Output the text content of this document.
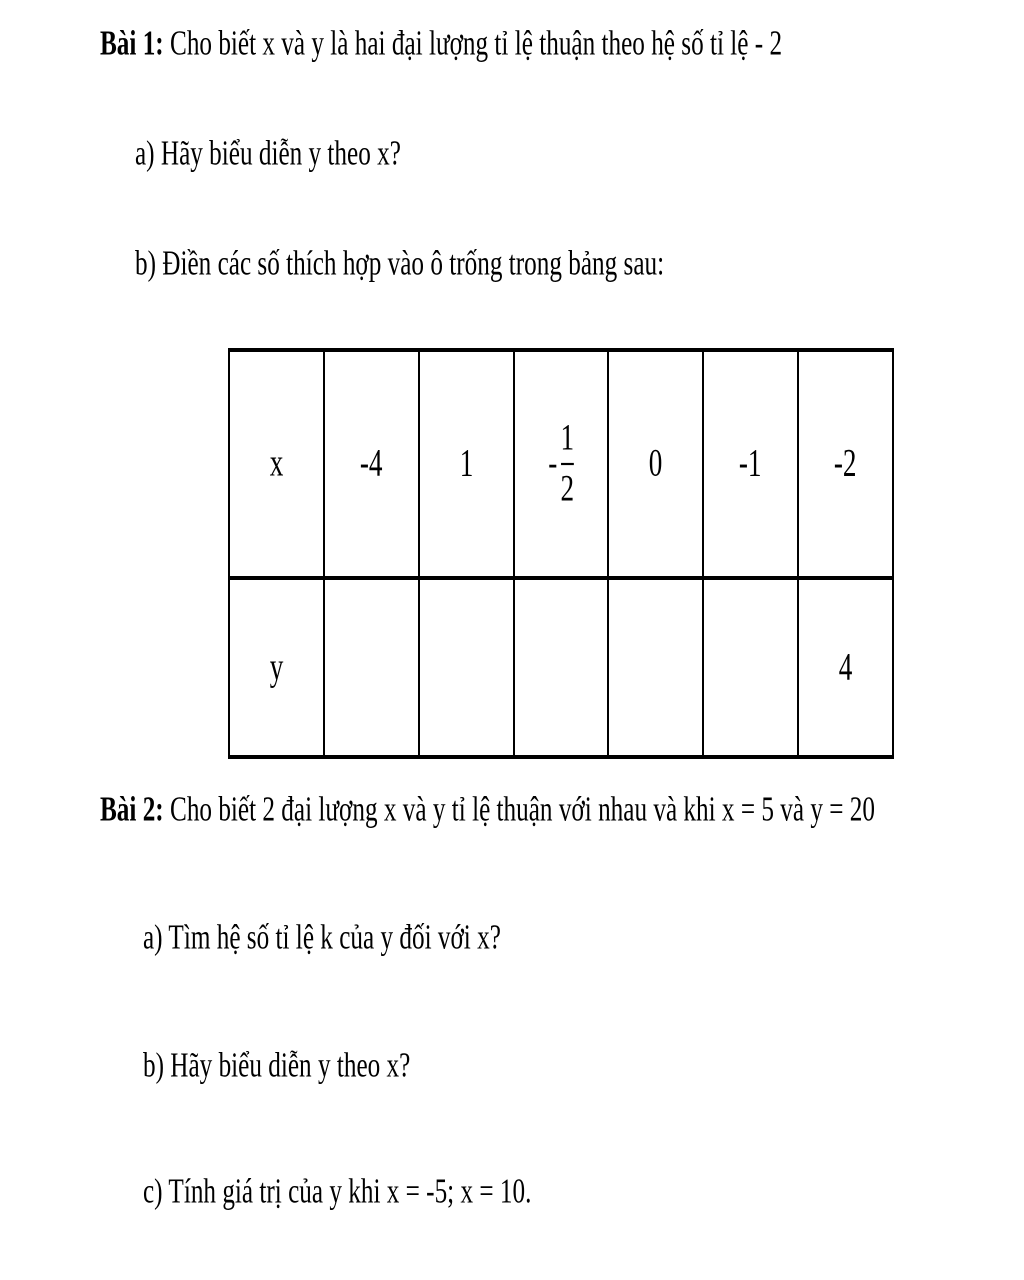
Bài 1: Cho biết x và y là hai đại lượng tỉ lệ thuận theo hệ số tỉ lệ - 2
a) Hãy biểu diễn y theo x?
b) Điền các số thích hợp vào ô trống trong bảng sau:
x	-4	1	- $\frac{1}{2}$	0	-1	-2
y						4
Bài 2: Cho biết 2 đại lượng x và y tỉ lệ thuận với nhau và khi x = 5 và y = 20
a) Tìm hệ số tỉ lệ k của y đối với x?
b) Hãy biểu diễn y theo x?
c) Tính giá trị của y khi x = -5; x = 10.
